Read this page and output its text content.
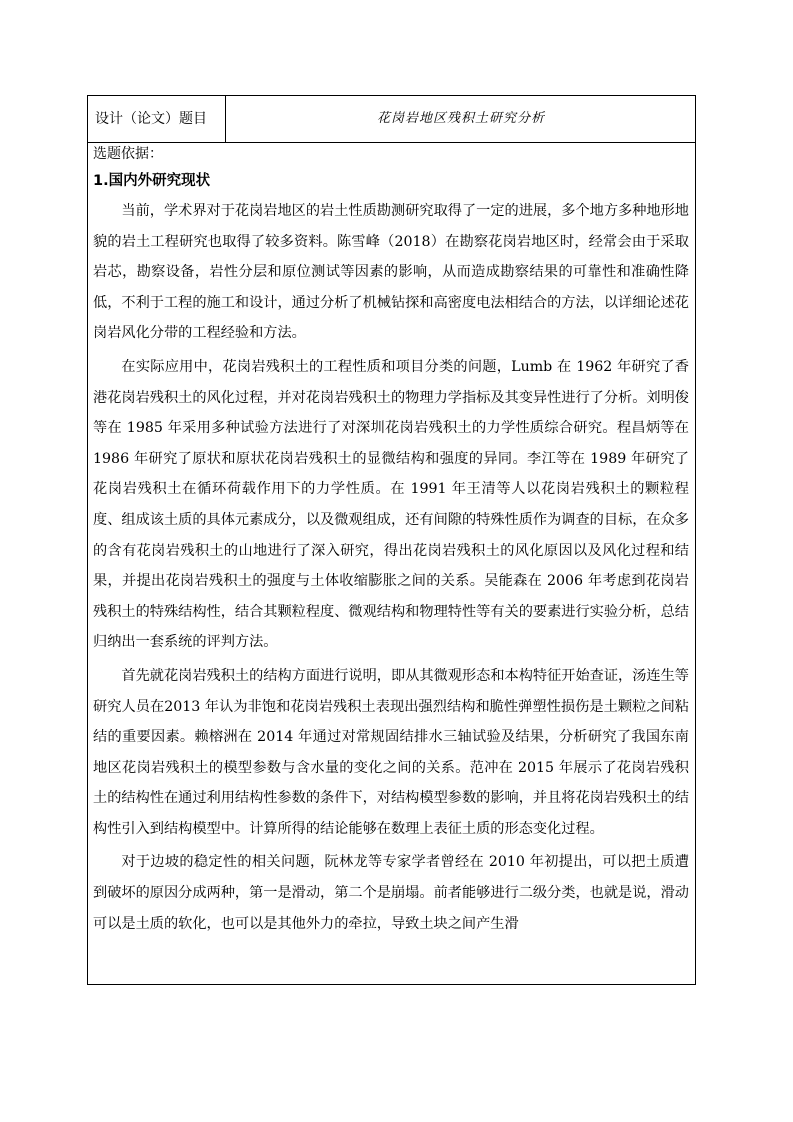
设计（论文）题目	花岗岩地区残积土研究分析
选题依据：
1.国内外研究现状

当前，学术界对于花岗岩地区的岩土性质勘测研究取得了一定的进展，多个地方多种地形地貌的岩土工程研究也取得了较多资料。陈雪峰（2018）在勘察花岗岩地区时，经常会由于采取岩芯，勘察设备，岩性分层和原位测试等因素的影响，从而造成勘察结果的可靠性和准确性降低，不利于工程的施工和设计，通过分析了机械钻探和高密度电法相结合的方法，以详细论述花岗岩风化分带的工程经验和方法。

在实际应用中，花岗岩残积土的工程性质和项目分类的问题，Lumb 在 1962 年研究了香港花岗岩残积土的风化过程，并对花岗岩残积土的物理力学指标及其变异性进行了分析。刘明俊等在 1985 年采用多种试验方法进行了对深圳花岗岩残积土的力学性质综合研究。程昌炳等在 1986 年研究了原状和原状花岗岩残积土的显微结构和强度的异同。李江等在 1989 年研究了花岗岩残积土在循环荷载作用下的力学性质。在 1991 年王清等人以花岗岩残积土的颗粒程度、组成该土质的具体元素成分，以及微观组成，还有间隙的特殊性质作为调查的目标，在众多的含有花岗岩残积土的山地进行了深入研究，得出花岗岩残积土的风化原因以及风化过程和结果，并提出花岗岩残积土的强度与土体收缩膨胀之间的关系。吴能森在 2006 年考虑到花岗岩残积土的特殊结构性，结合其颗粒程度、微观结构和物理特性等有关的要素进行实验分析，总结归纳出一套系统的评判方法。

首先就花岗岩残积土的结构方面进行说明，即从其微观形态和本构特征开始查证，汤连生等研究人员在2013 年认为非饱和花岗岩残积土表现出强烈结构和脆性弹塑性损伤是土颗粒之间粘结的重要因素。赖榕洲在 2014 年通过对常规固结排水三轴试验及结果，分析研究了我国东南地区花岗岩残积土的模型参数与含水量的变化之间的关系。范冲在 2015 年展示了花岗岩残积土的结构性在通过利用结构性参数的条件下，对结构模型参数的影响，并且将花岗岩残积土的结构性引入到结构模型中。计算所得的结论能够在数理上表征土质的形态变化过程。

对于边坡的稳定性的相关问题，阮林龙等专家学者曾经在 2010 年初提出，可以把土质遭到破坏的原因分成两种，第一是滑动，第二个是崩塌。前者能够进行二级分类，也就是说，滑动可以是土质的软化，也可以是其他外力的牵拉，导致土块之间产生滑
